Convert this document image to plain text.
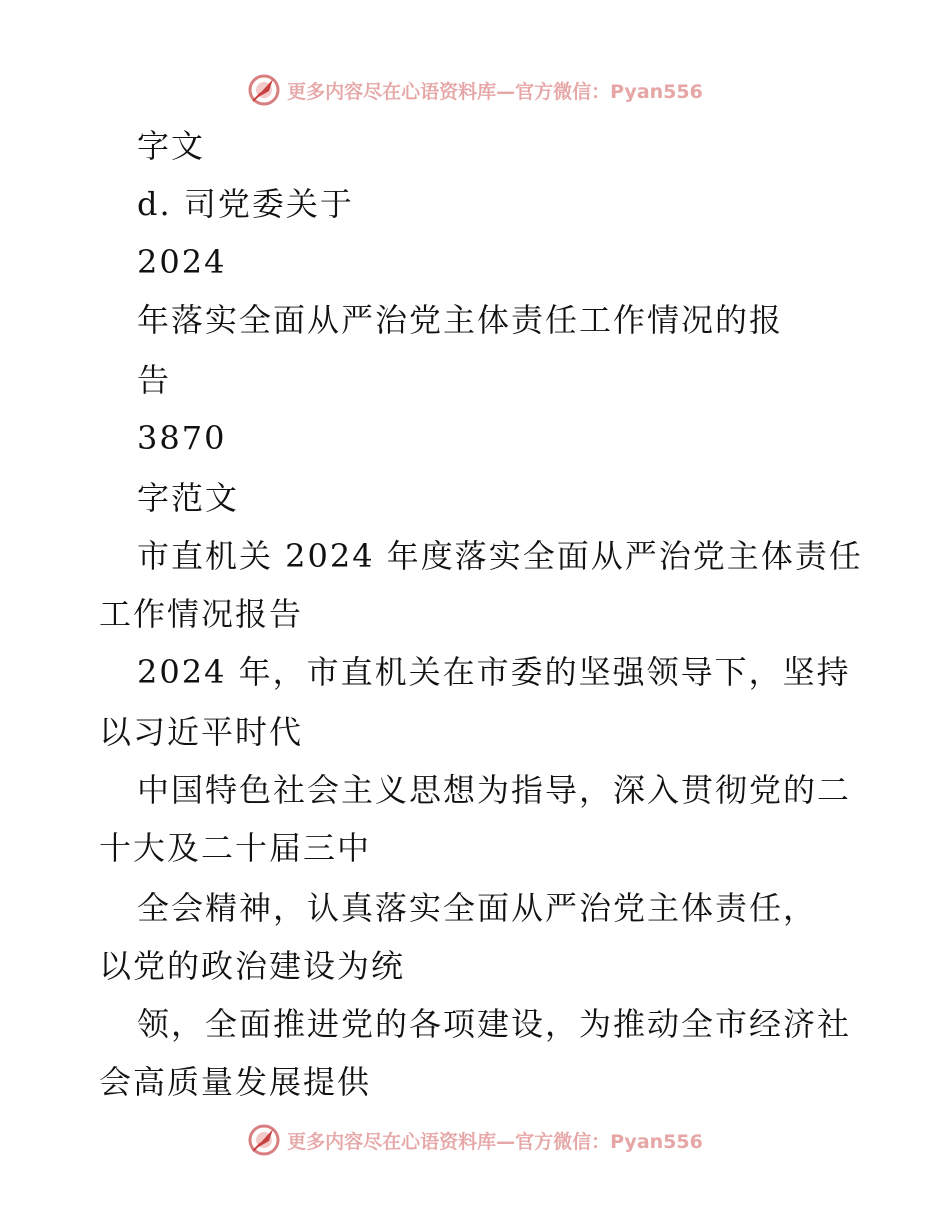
更多内容尽在心语资料库—官方微信：Pyan556
字文
d. 司党委关于
2024
年落实全面从严治党主体责任工作情况的报
告
3870
字范文
市直机关 2024 年度落实全面从严治党主体责任
工作情况报告
2024 年，市直机关在市委的坚强领导下，坚持
以习近平时代
中国特色社会主义思想为指导，深入贯彻党的二
十大及二十届三中
全会精神，认真落实全面从严治党主体责任，
以党的政治建设为统
领，全面推进党的各项建设，为推动全市经济社
会高质量发展提供
更多内容尽在心语资料库—官方微信：Pyan556
